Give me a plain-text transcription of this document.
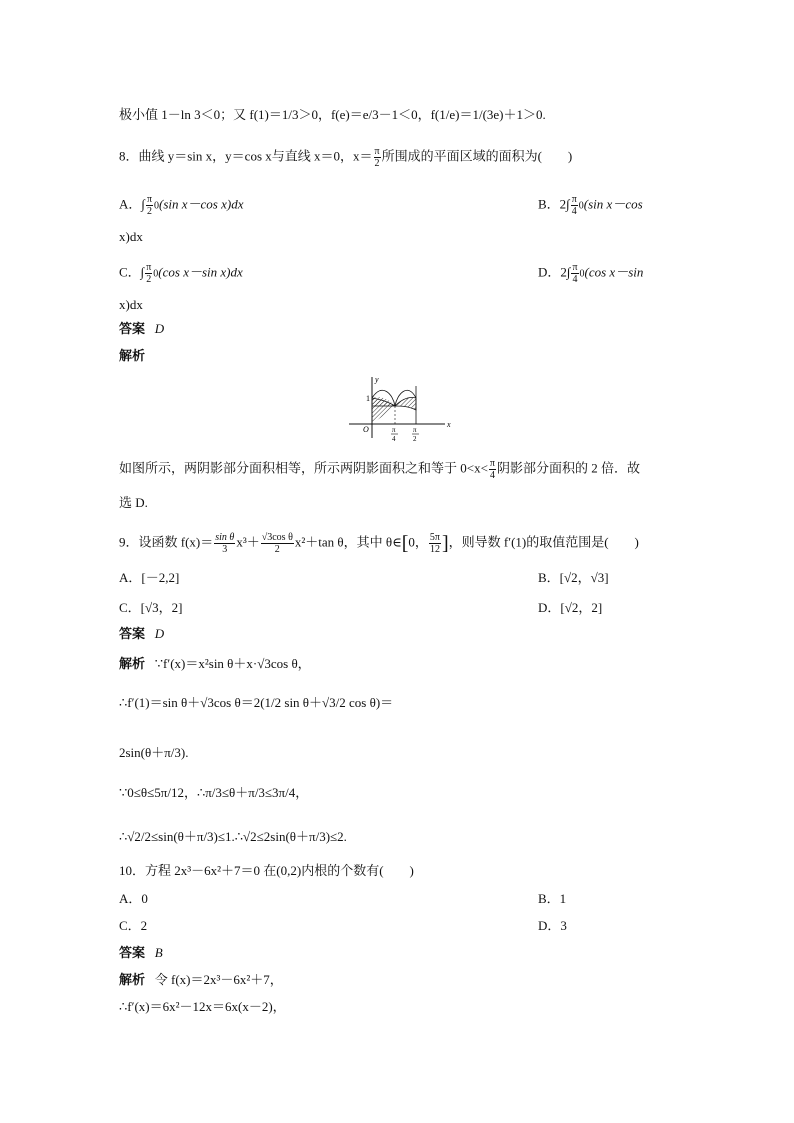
极小值 1－ln 3＜0；又 f(1)＝1/3＞0，f(e)＝e/3－1＜0，f(1/e)＝1/(3e)＋1＞0.
8．曲线 y＝sin x，y＝cos x与直线 x＝0，$x= \frac{\pi}{2}$ 所围成的平面区域的面积为(　　)
A．∫ $\frac{\pi}{2} 0(\sin$ x－cos x)dx	B．$2\int \frac{\pi}{4} 0(\sin$ x－cos
x)dx
C．∫ $\frac{\pi}{2} 0(\cos$ x－sin x)dx	D．$2\int \frac{\pi}{4} 0(\cos$ x－sin
x)dx
答案 D
解析
y
x
O
1
π
4
π
2
如图所示，两阴影部分面积相等，所示两阴影面积之和等于 $0<x< \frac{\pi}{4}$ 阴影部分面积的 2 倍．故
选 D.
9．设函数 $f(x)= \frac{\text{sin θ}}{3} x^3+ \frac{\text{√3cos θ}}{2} x^2+\tan$ θ，其中 θ∈[0， $\frac{5\pi}{12}$ ]，则导数 f′(1)的取值范围是(　　)
A．[－2,2]	B．[√2，√3]
C．[√3，2]	D．[√2，2]
答案 D
解析 ∵f′(x)＝x²sin θ＋x·√3cos θ，
∴f′(1)＝sin θ＋√3cos θ＝2(1/2 sin θ＋√3/2 cos θ)＝
2sin(θ＋π/3).
∵0≤θ≤5π/12，∴π/3≤θ＋π/3≤3π/4，
∴√2/2≤sin(θ＋π/3)≤1.∴√2≤2sin(θ＋π/3)≤2.
10．方程 2x³－6x²＋7＝0 在(0,2)内根的个数有(　　)
A．0	B．1
C．2	D．3
答案 B
解析 令 f(x)＝2x³－6x²＋7，
∴f′(x)＝6x²－12x＝6x(x－2)，
